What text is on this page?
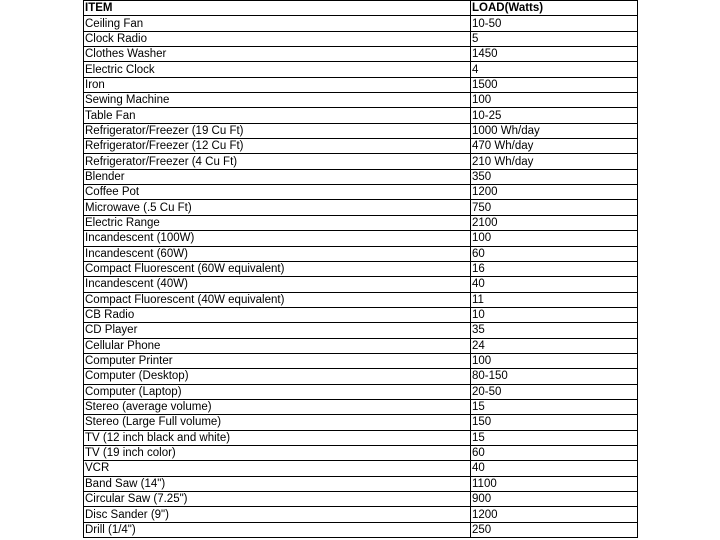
ITEM	LOAD(Watts)
Ceiling Fan	10-50
Clock Radio	5
Clothes Washer	1450
Electric Clock	4
Iron	1500
Sewing Machine	100
Table Fan	10-25
Refrigerator/Freezer (19 Cu Ft)	1000 Wh/day
Refrigerator/Freezer (12 Cu Ft)	470 Wh/day
Refrigerator/Freezer (4 Cu Ft)	210 Wh/day
Blender	350
Coffee Pot	1200
Microwave (.5 Cu Ft)	750
Electric Range	2100
Incandescent (100W)	100
Incandescent (60W)	60
Compact Fluorescent (60W equivalent)	16
Incandescent (40W)	40
Compact Fluorescent (40W equivalent)	11
CB Radio	10
CD Player	35
Cellular Phone	24
Computer Printer	100
Computer (Desktop)	80-150
Computer (Laptop)	20-50
Stereo (average volume)	15
Stereo (Large Full volume)	150
TV (12 inch black and white)	15
TV (19 inch color)	60
VCR	40
Band Saw (14")	1100
Circular Saw (7.25")	900
Disc Sander (9")	1200
Drill (1/4")	250
